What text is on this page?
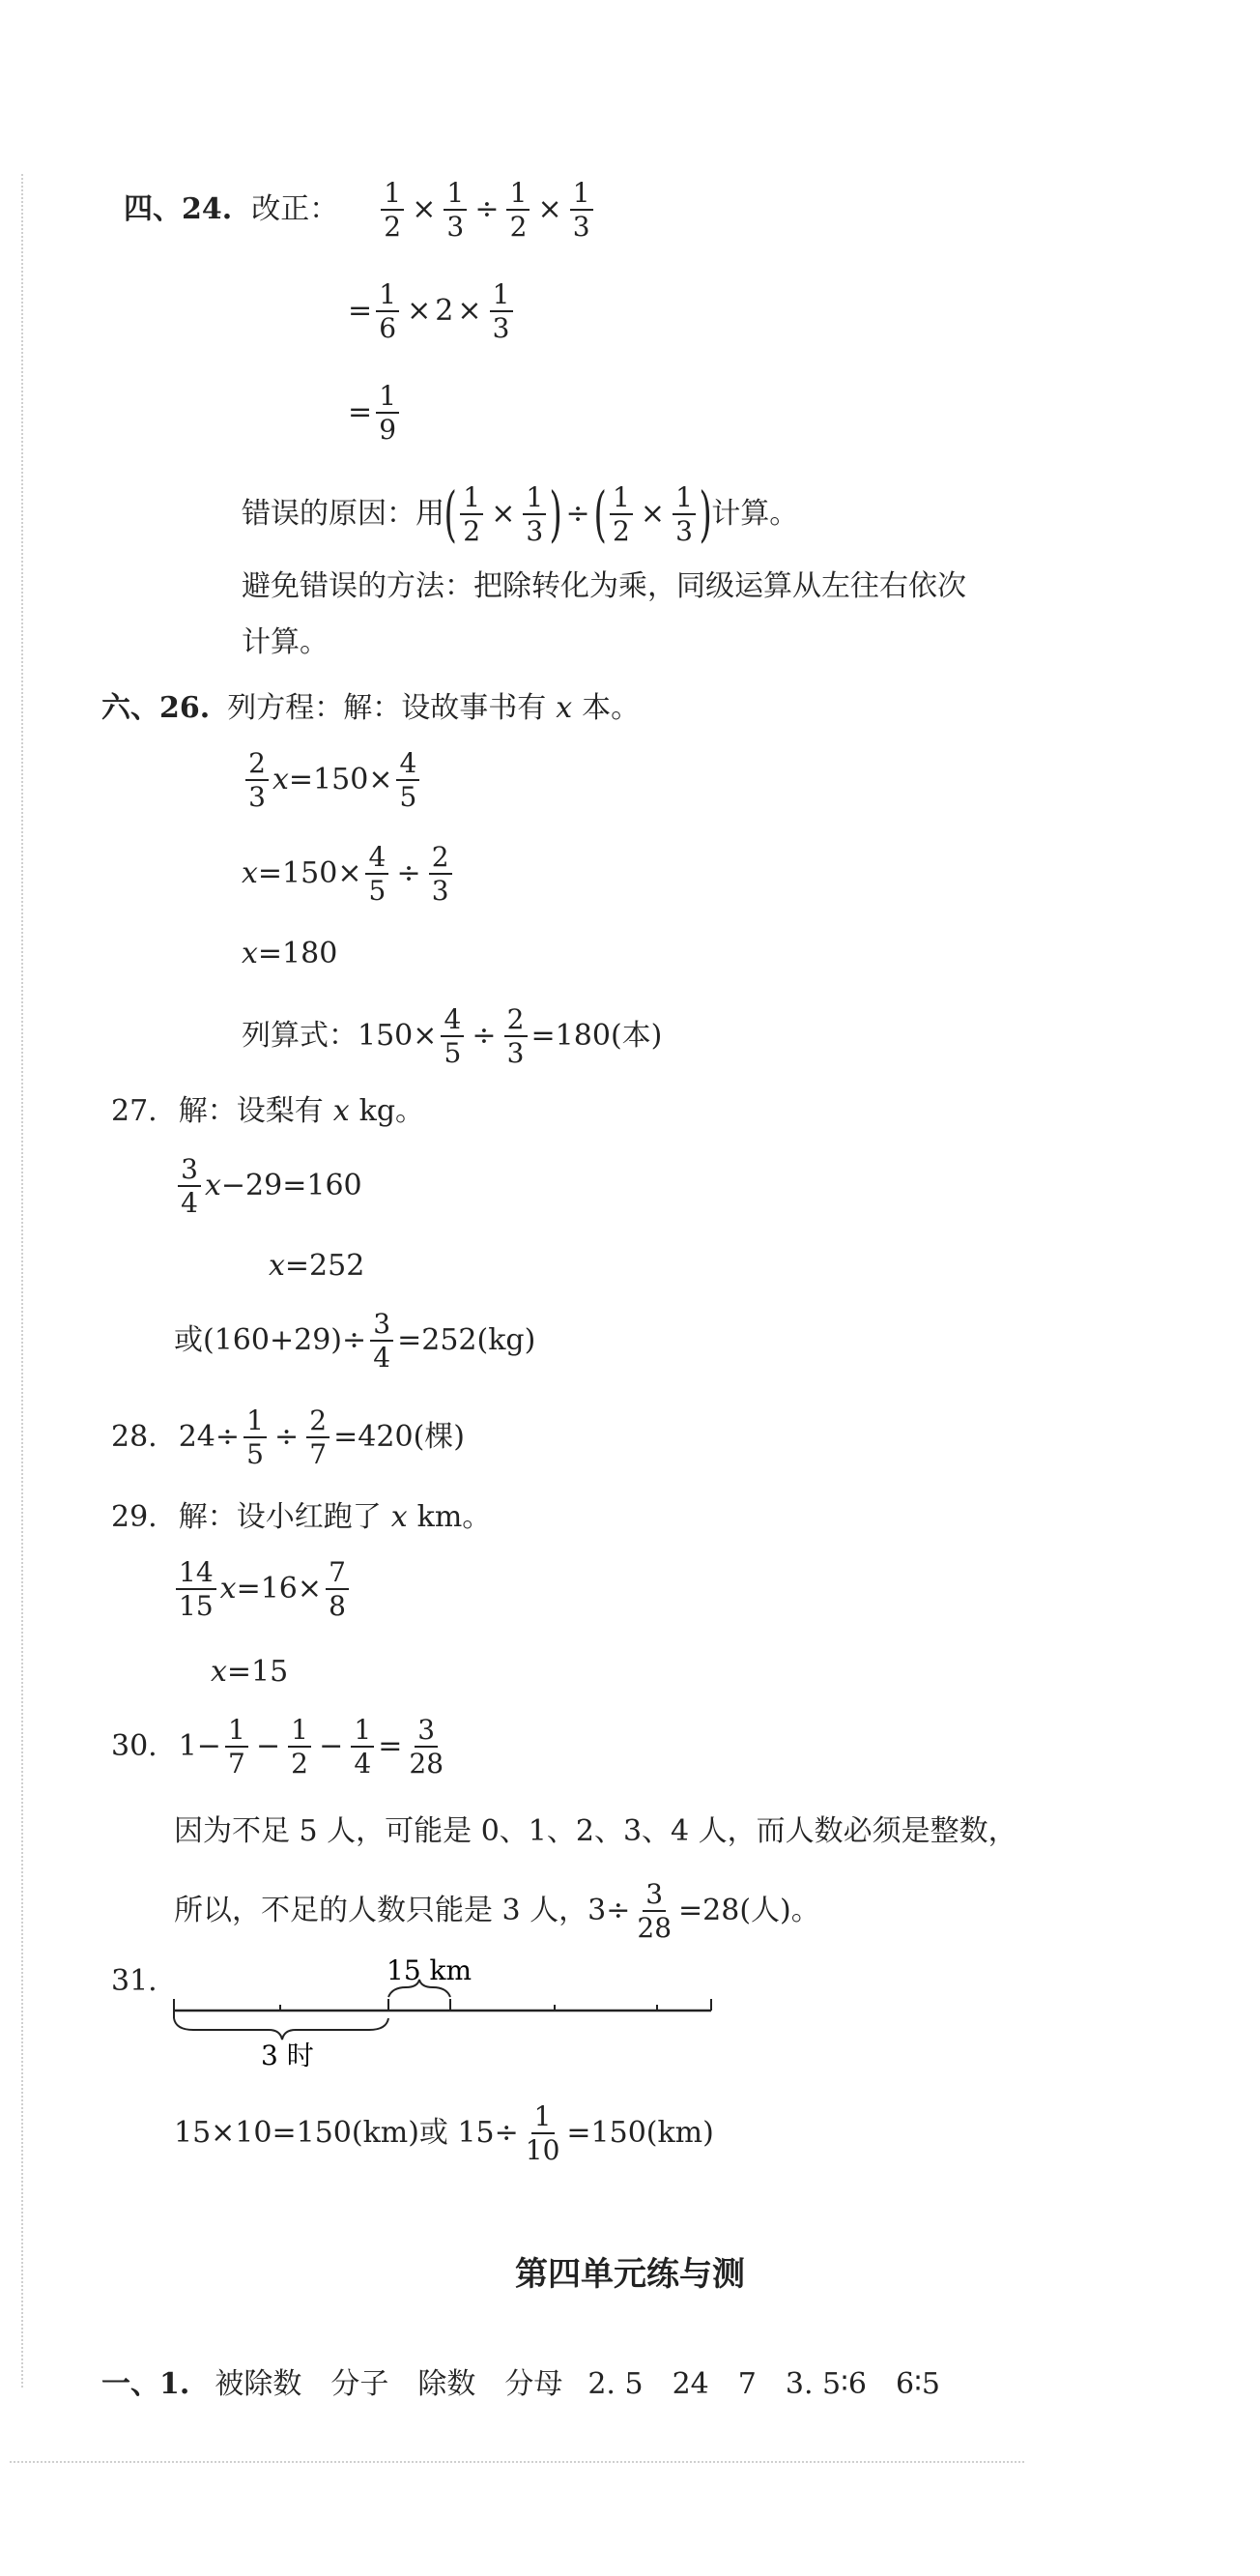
四、24. 改正： $\frac{1}{2} \times \frac{1}{3} \div \frac{1}{2} \times \frac{1}{3}$
= $\frac{1}{6} \times 2 \times \frac{1}{3}$
= $\frac{1}{9}$
错误的原因：用 ( $\frac{1}{2} \times \frac{1}{3}$ ) ÷ ( $\frac{1}{2} \times \frac{1}{3}$ ) 计算。
避免错误的方法：把除转化为乘，同级运算从左往右依次
计算。
六、26. 列方程：解：设故事书有 x 本。
$\frac{2}{3}$ $x =150\times \frac{4}{5}$
$x =150\times \frac{4}{5} \div \frac{2}{3}$
x =180
列算式：$150\times \frac{4}{5} \div \frac{2}{3} =180$(本)
27. 解：设梨有 x kg。
$\frac{3}{4}$ x −29=160
x =252
或$(160+29)\div \frac{3}{4} =252(kg)$
28. $24\div \frac{1}{5} \div \frac{2}{7} =420$(棵)
29. 解：设小红跑了 x km。
$\frac{14}{15}$ $x =16\times \frac{7}{8}$
x =15
30. $1- \frac{1}{7} - \frac{1}{2} - \frac{1}{4} = \frac{3}{28}$
因为不足 5 人，可能是 0、1、2、3、4 人，而人数必须是整数，
所以，不足的人数只能是 3 人，$3\div \frac{3}{28} =28$(人)。
31.	15 km
3 时
15×10=150(km)或 $15\div \frac{1}{10} =150(km)$
第四单元练与测
一、1. 被除数 分子 除数 分母 2. 5 24 7 3. 5∶6 6∶5
